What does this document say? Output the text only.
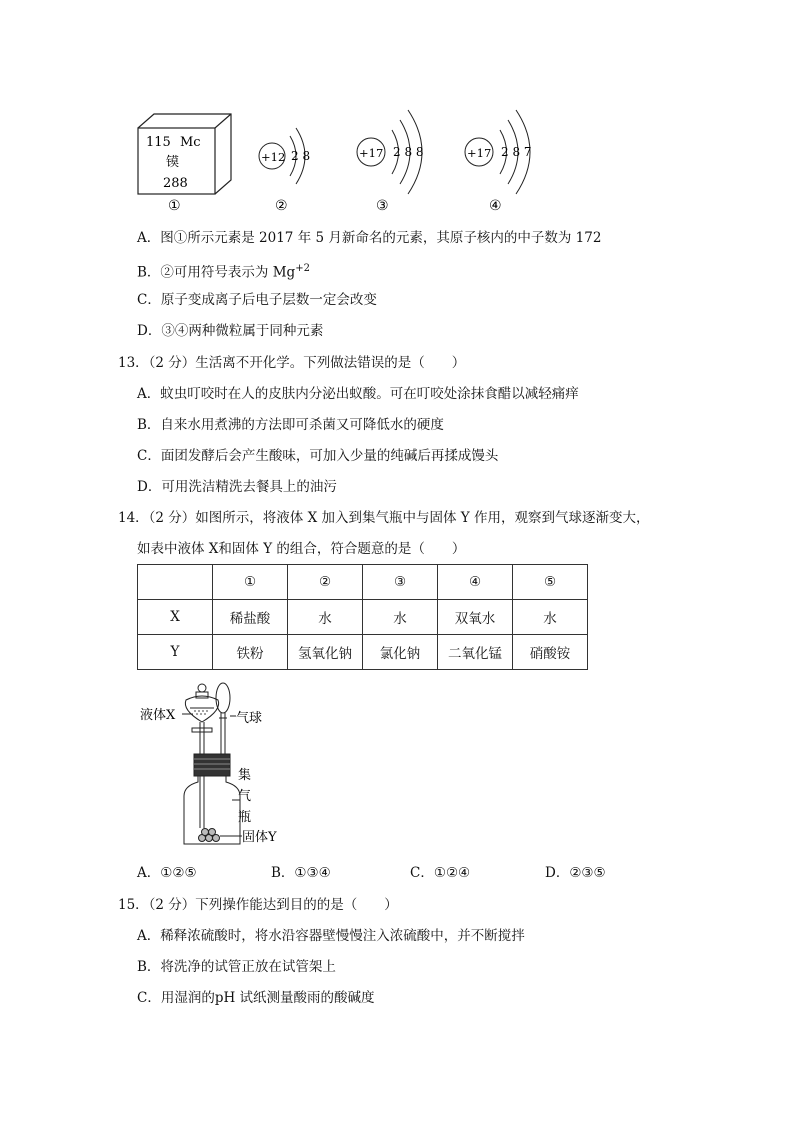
115 Mc
镆
288
①
+12 2 8
②
+17 2 8 8
③
+17 2 8 7
④
A．图①所示元素是 2017 年 5 月新命名的元素，其原子核内的中子数为 172
B．②可用符号表示为 $Mg^{+2}$
C．原子变成离子后电子层数一定会改变
D．③④两种微粒属于同种元素
13．（2 分）生活离不开化学。下列做法错误的是（　　）
A．蚊虫叮咬时在人的皮肤内分泌出蚁酸。可在叮咬处涂抹食醋以减轻痛痒
B．自来水用煮沸的方法即可杀菌又可降低水的硬度
C．面团发酵后会产生酸味，可加入少量的纯碱后再揉成馒头
D．可用洗洁精洗去餐具上的油污
14．（2 分）如图所示，将液体 X 加入到集气瓶中与固体 Y 作用，观察到气球逐渐变大，
如表中液体 X和固体 Y 的组合，符合题意的是（　　）
	①	②	③	④	⑤
X	稀盐酸	水	水	双氧水	水
Y	铁粉	氢氧化钠	氯化钠	二氧化锰	硝酸铵
液体X	气球
集
气
瓶
固体Y
A．①②⑤	B．①③④	C．①②④	D．②③⑤
15．（2 分）下列操作能达到目的的是（　　）
A．稀释浓硫酸时，将水沿容器壁慢慢注入浓硫酸中，并不断搅拌
B．将洗净的试管正放在试管架上
C．用湿润的pH 试纸测量酸雨的酸碱度
